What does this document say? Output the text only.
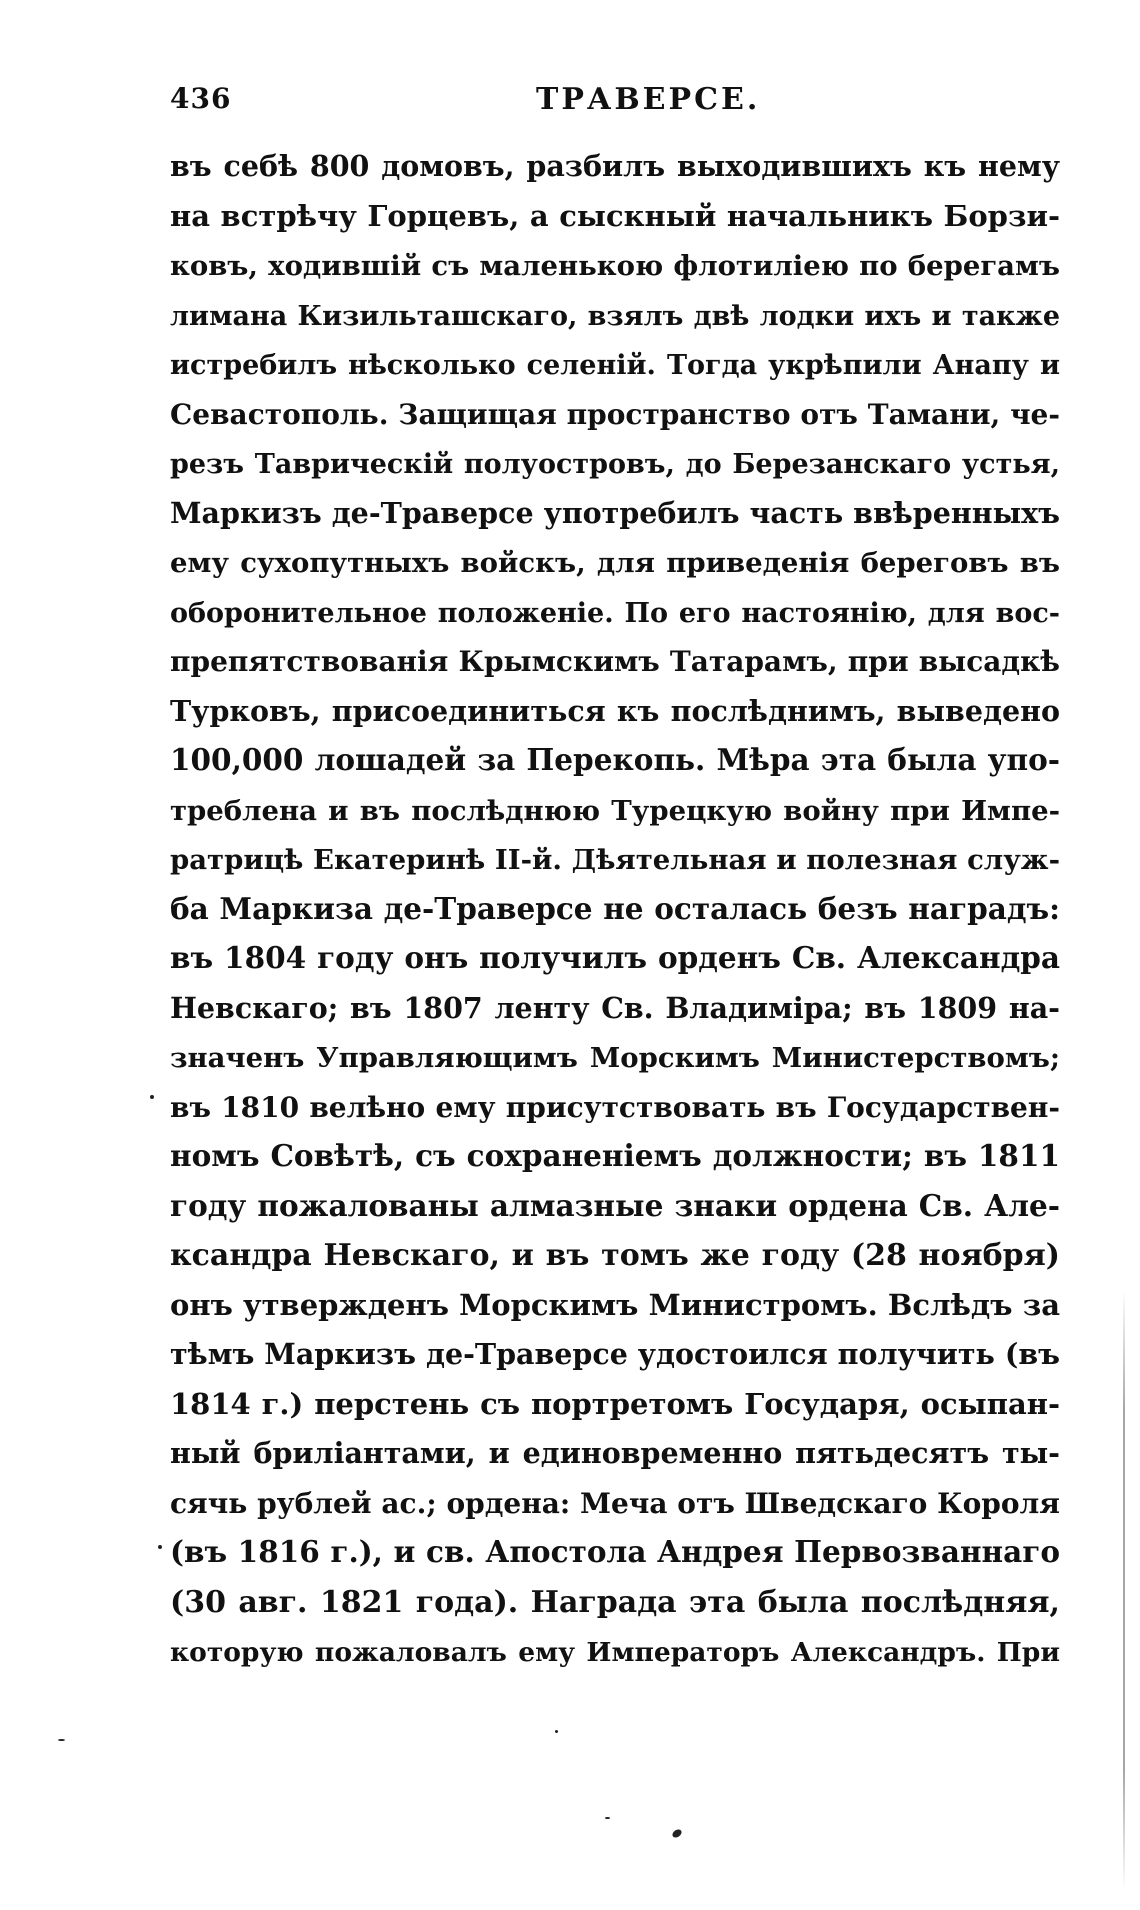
436	ТРАВЕРСЕ.
въ себѣ 800 домовъ, разбилъ выходившихъ къ нему
на встрѣчу Горцевъ, а сыскный начальникъ Борзи-
ковъ, ходившій съ маленькою флотиліею по берегамъ
лимана Кизильташскаго, взялъ двѣ лодки ихъ и также
истребилъ нѣсколько селеній. Тогда укрѣпили Анапу и
Севастополь. Защищая пространство отъ Тамани, че-
резъ Таврическій полуостровъ, до Березанскаго устья,
Маркизъ де-Траверсе употребилъ часть ввѣренныхъ
ему сухопутныхъ войскъ, для приведенія береговъ въ
оборонительное положеніе. По его настоянію, для вос-
препятствованія Крымскимъ Татарамъ, при высадкѣ
Турковъ, присоединиться къ послѣднимъ, выведено
100,000 лошадей за Перекопь. Мѣра эта была упо-
треблена и въ послѣднюю Турецкую войну при Импе-
ратрицѣ Екатеринѣ II-й. Дѣятельная и полезная служ-
ба Маркиза де-Траверсе не осталась безъ наградъ:
въ 1804 году онъ получилъ орденъ Св. Александра
Невскаго; въ 1807 ленту Св. Владиміра; въ 1809 на-
значенъ Управляющимъ Морскимъ Министерствомъ;
въ 1810 велѣно ему присутствовать въ Государствен-
номъ Совѣтѣ, съ сохраненіемъ должности; въ 1811
году пожалованы алмазные знаки ордена Св. Але-
ксандра Невскаго, и въ томъ же году (28 ноября)
онъ утвержденъ Морскимъ Министромъ. Вслѣдъ за
тѣмъ Маркизъ де-Траверсе удостоился получить (въ
1814 г.) перстень съ портретомъ Государя, осыпан-
ный бриліантами, и единовременно пятьдесятъ ты-
сячь рублей ас.; ордена: Меча отъ Шведскаго Короля
(въ 1816 г.), и св. Апостола Андрея Первозваннаго
(30 авг. 1821 года). Награда эта была послѣдняя,
которую пожаловалъ ему Императоръ Александръ. При
